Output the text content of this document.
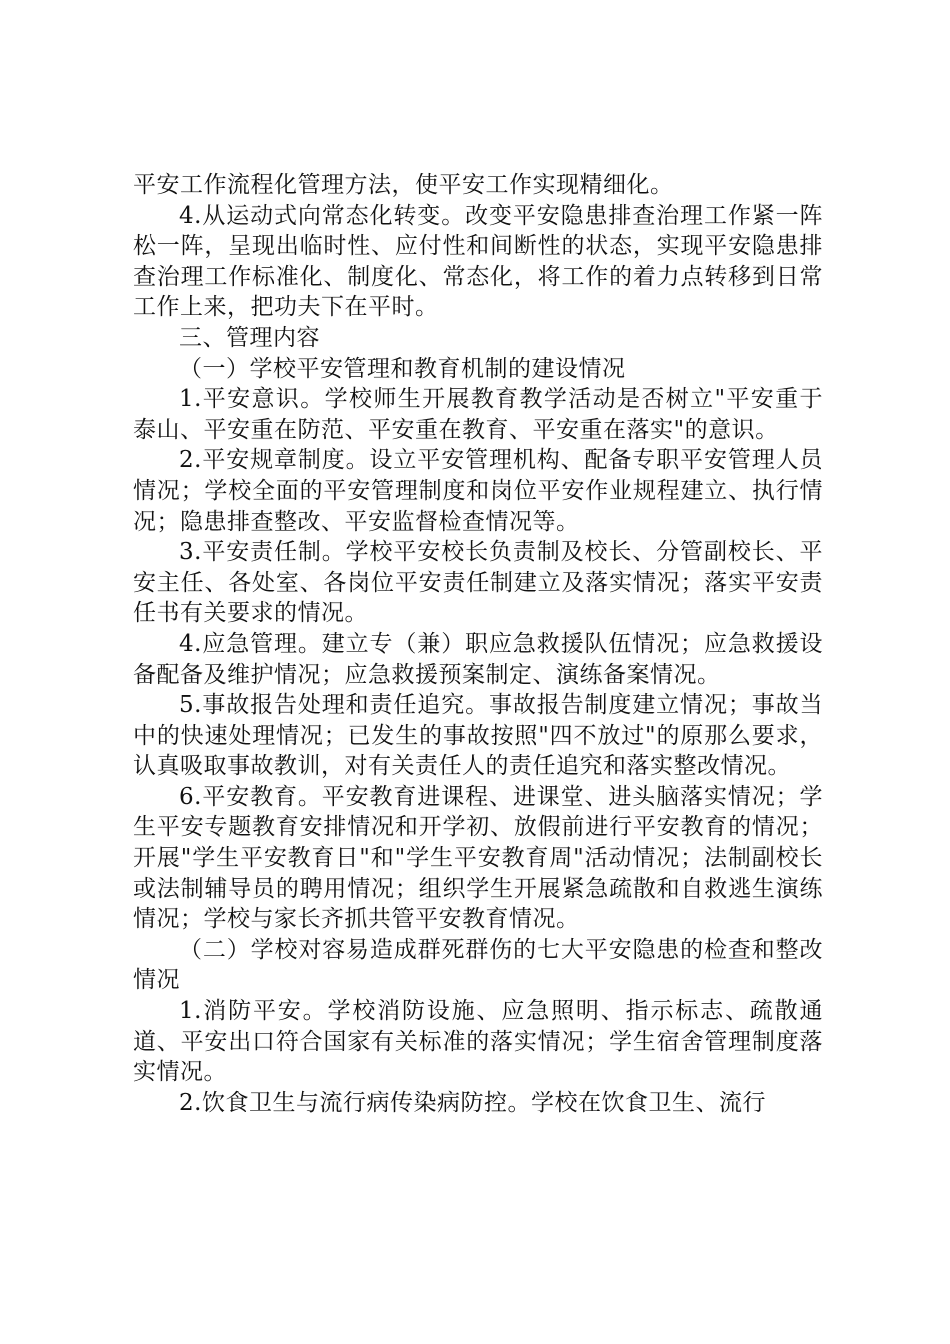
平安工作流程化管理方法，使平安工作实现精细化。

4.从运动式向常态化转变。改变平安隐患排查治理工作紧一阵松一阵，呈现出临时性、应付性和间断性的状态，实现平安隐患排查治理工作标准化、制度化、常态化，将工作的着力点转移到日常工作上来，把功夫下在平时。

三、管理内容

（一）学校平安管理和教育机制的建设情况

1.平安意识。学校师生开展教育教学活动是否树立"平安重于泰山、平安重在防范、平安重在教育、平安重在落实"的意识。

2.平安规章制度。设立平安管理机构、配备专职平安管理人员情况；学校全面的平安管理制度和岗位平安作业规程建立、执行情况；隐患排查整改、平安监督检查情况等。

3.平安责任制。学校平安校长负责制及校长、分管副校长、平安主任、各处室、各岗位平安责任制建立及落实情况；落实平安责任书有关要求的情况。

4.应急管理。建立专（兼）职应急救援队伍情况；应急救援设备配备及维护情况；应急救援预案制定、演练备案情况。

5.事故报告处理和责任追究。事故报告制度建立情况；事故当中的快速处理情况；已发生的事故按照"四不放过"的原那么要求，认真吸取事故教训，对有关责任人的责任追究和落实整改情况。

6.平安教育。平安教育进课程、进课堂、进头脑落实情况；学生平安专题教育安排情况和开学初、放假前进行平安教育的情况；开展"学生平安教育日"和"学生平安教育周"活动情况；法制副校长或法制辅导员的聘用情况；组织学生开展紧急疏散和自救逃生演练情况；学校与家长齐抓共管平安教育情况。

（二）学校对容易造成群死群伤的七大平安隐患的检查和整改情况

1.消防平安。学校消防设施、应急照明、指示标志、疏散通道、平安出口符合国家有关标准的落实情况；学生宿舍管理制度落实情况。

2.饮食卫生与流行病传染病防控。学校在饮食卫生、流行
